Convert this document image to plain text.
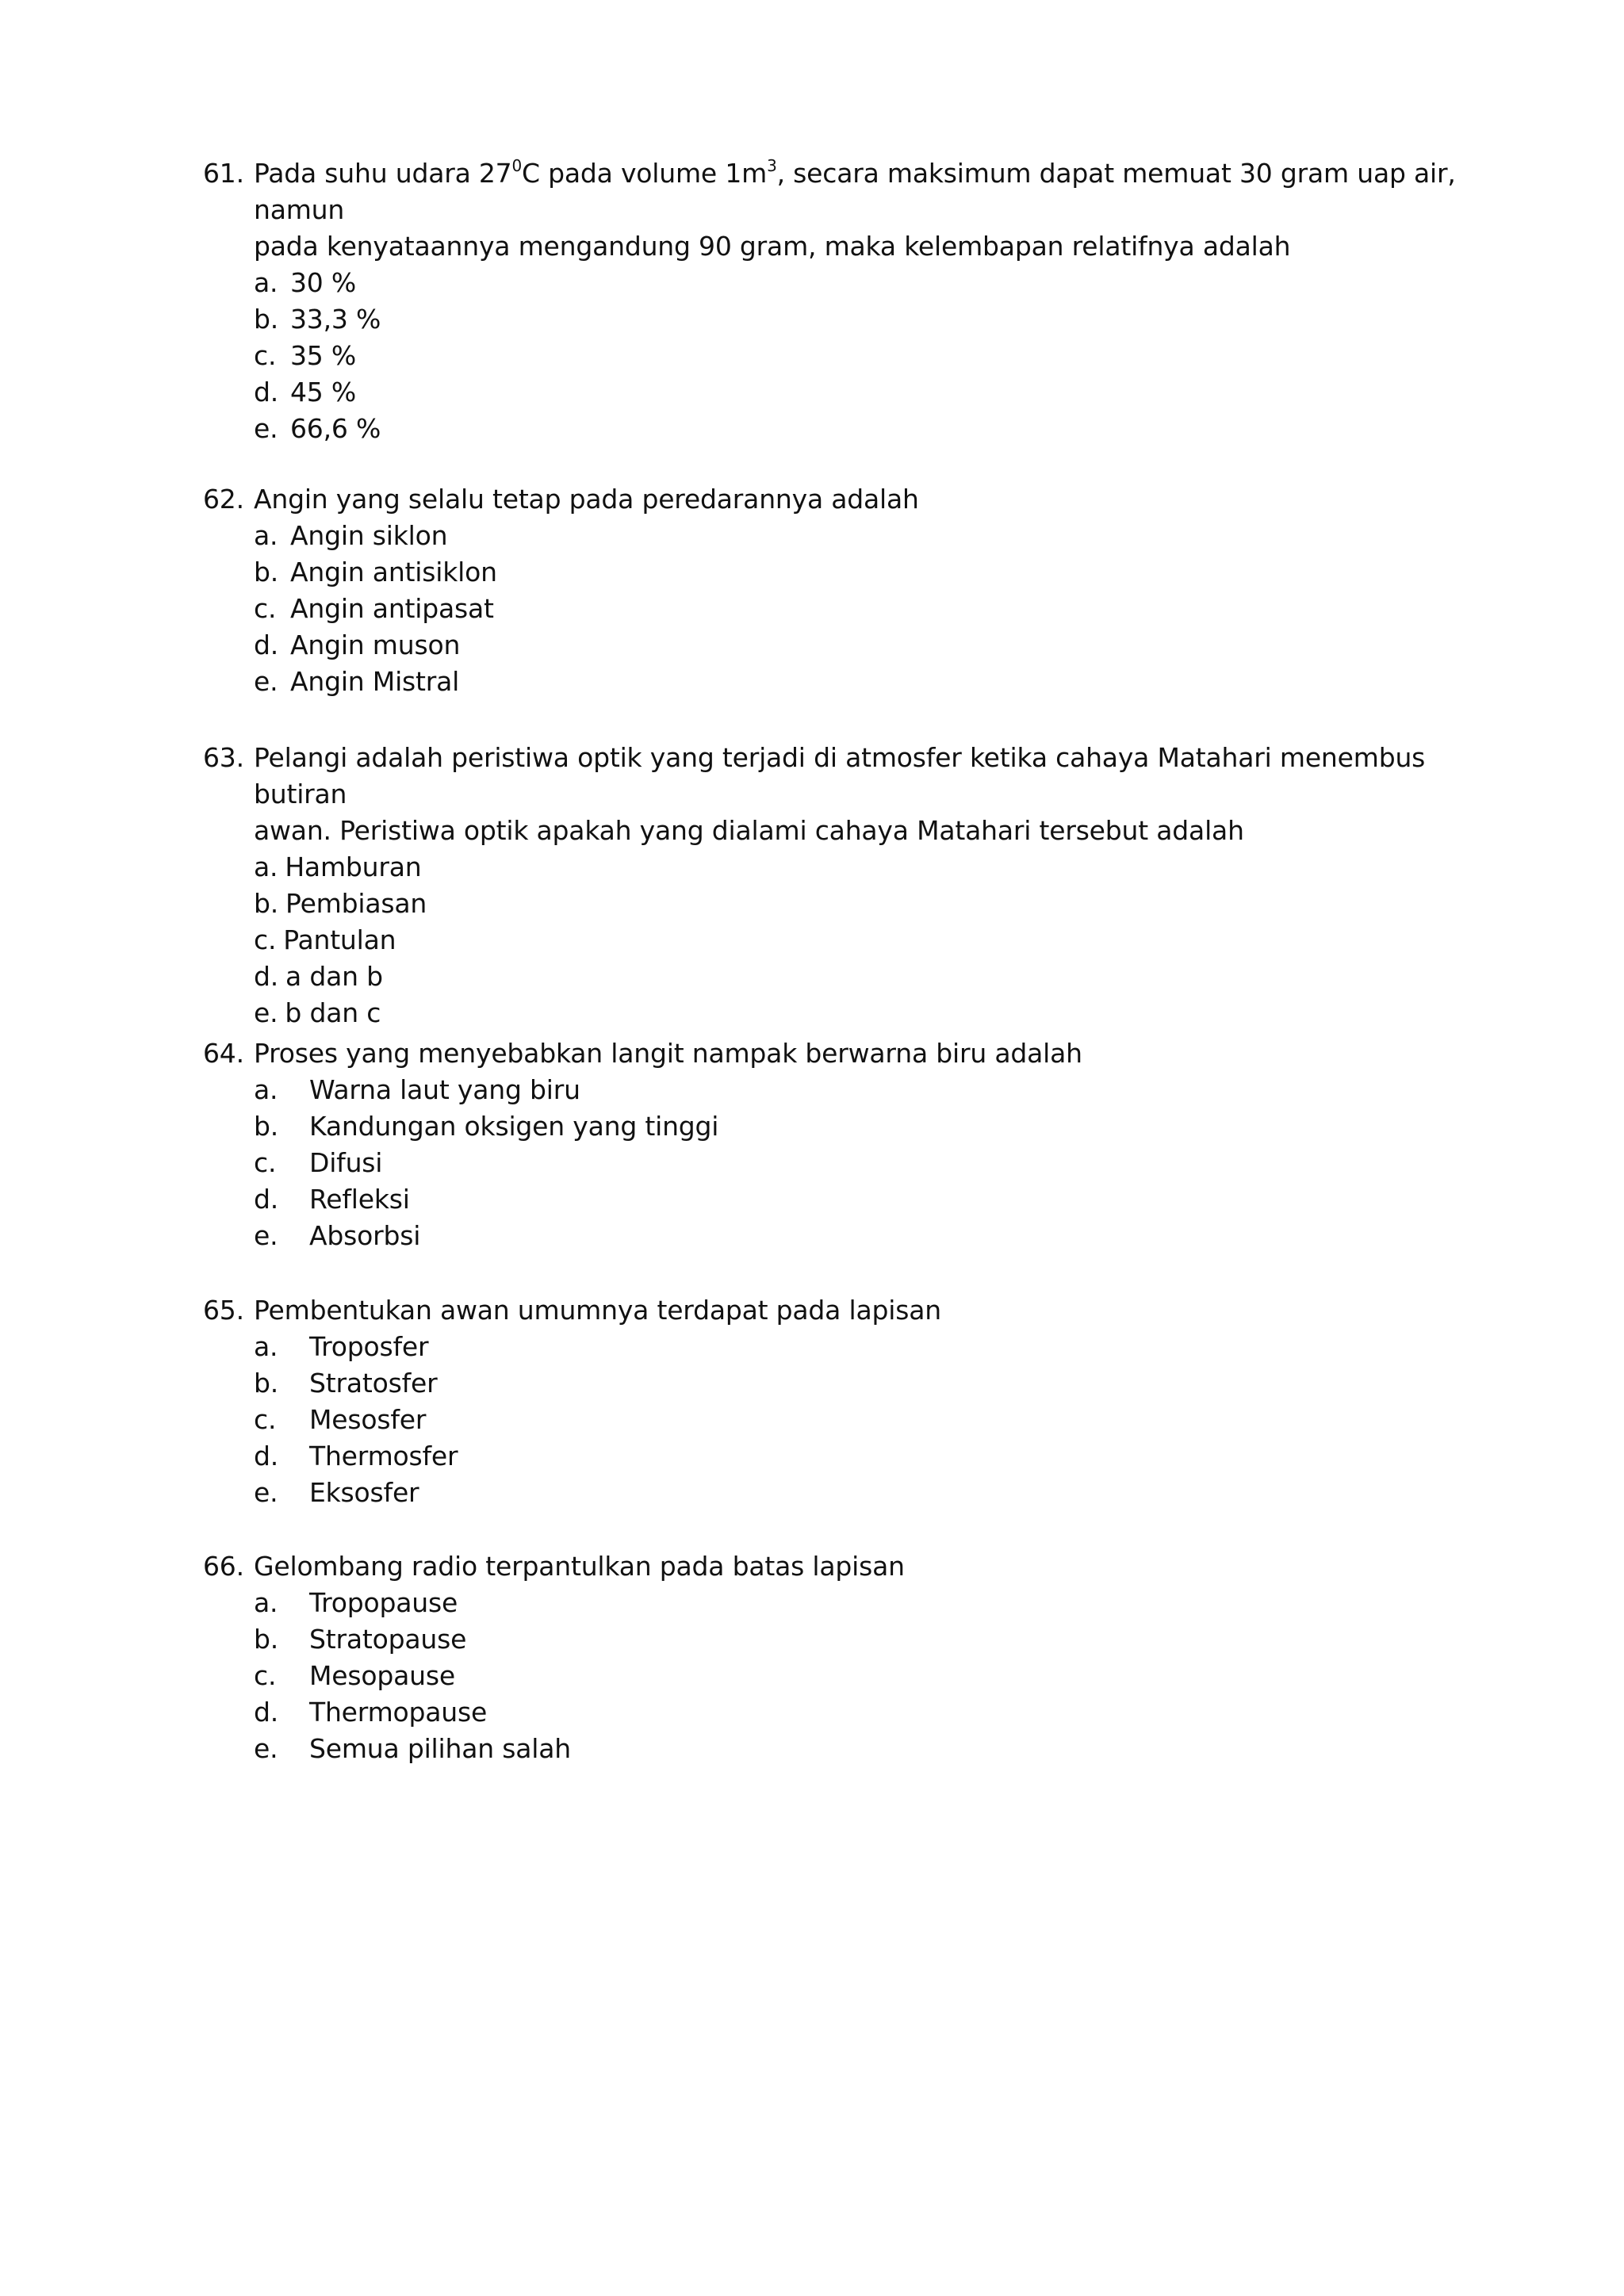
61. Pada suhu udara $27^0C$ pada volume $1m^3$, secara maksimum dapat memuat 30 gram uap air, namun
pada kenyataannya mengandung 90 gram, maka kelembapan relatifnya adalah
a. 30 %
b. 33,3 %
c. 35 %
d. 45 %
e. 66,6 %
62. Angin yang selalu tetap pada peredarannya adalah
a. Angin siklon
b. Angin antisiklon
c. Angin antipasat
d. Angin muson
e. Angin Mistral
63. Pelangi adalah peristiwa optik yang terjadi di atmosfer ketika cahaya Matahari menembus butiran
awan. Peristiwa optik apakah yang dialami cahaya Matahari tersebut adalah
a. Hamburan
b. Pembiasan
c. Pantulan
d. a dan b
e. b dan c
64. Proses yang menyebabkan langit nampak berwarna biru adalah
a.	Warna laut yang biru
b.	Kandungan oksigen yang tinggi
c.	Difusi
d.	Refleksi
e.	Absorbsi
65. Pembentukan awan umumnya terdapat pada lapisan
a.	Troposfer
b.	Stratosfer
c.	Mesosfer
d.	Thermosfer
e.	Eksosfer
66. Gelombang radio terpantulkan pada batas lapisan
a.	Tropopause
b.	Stratopause
c.	Mesopause
d.	Thermopause
e.	Semua pilihan salah
